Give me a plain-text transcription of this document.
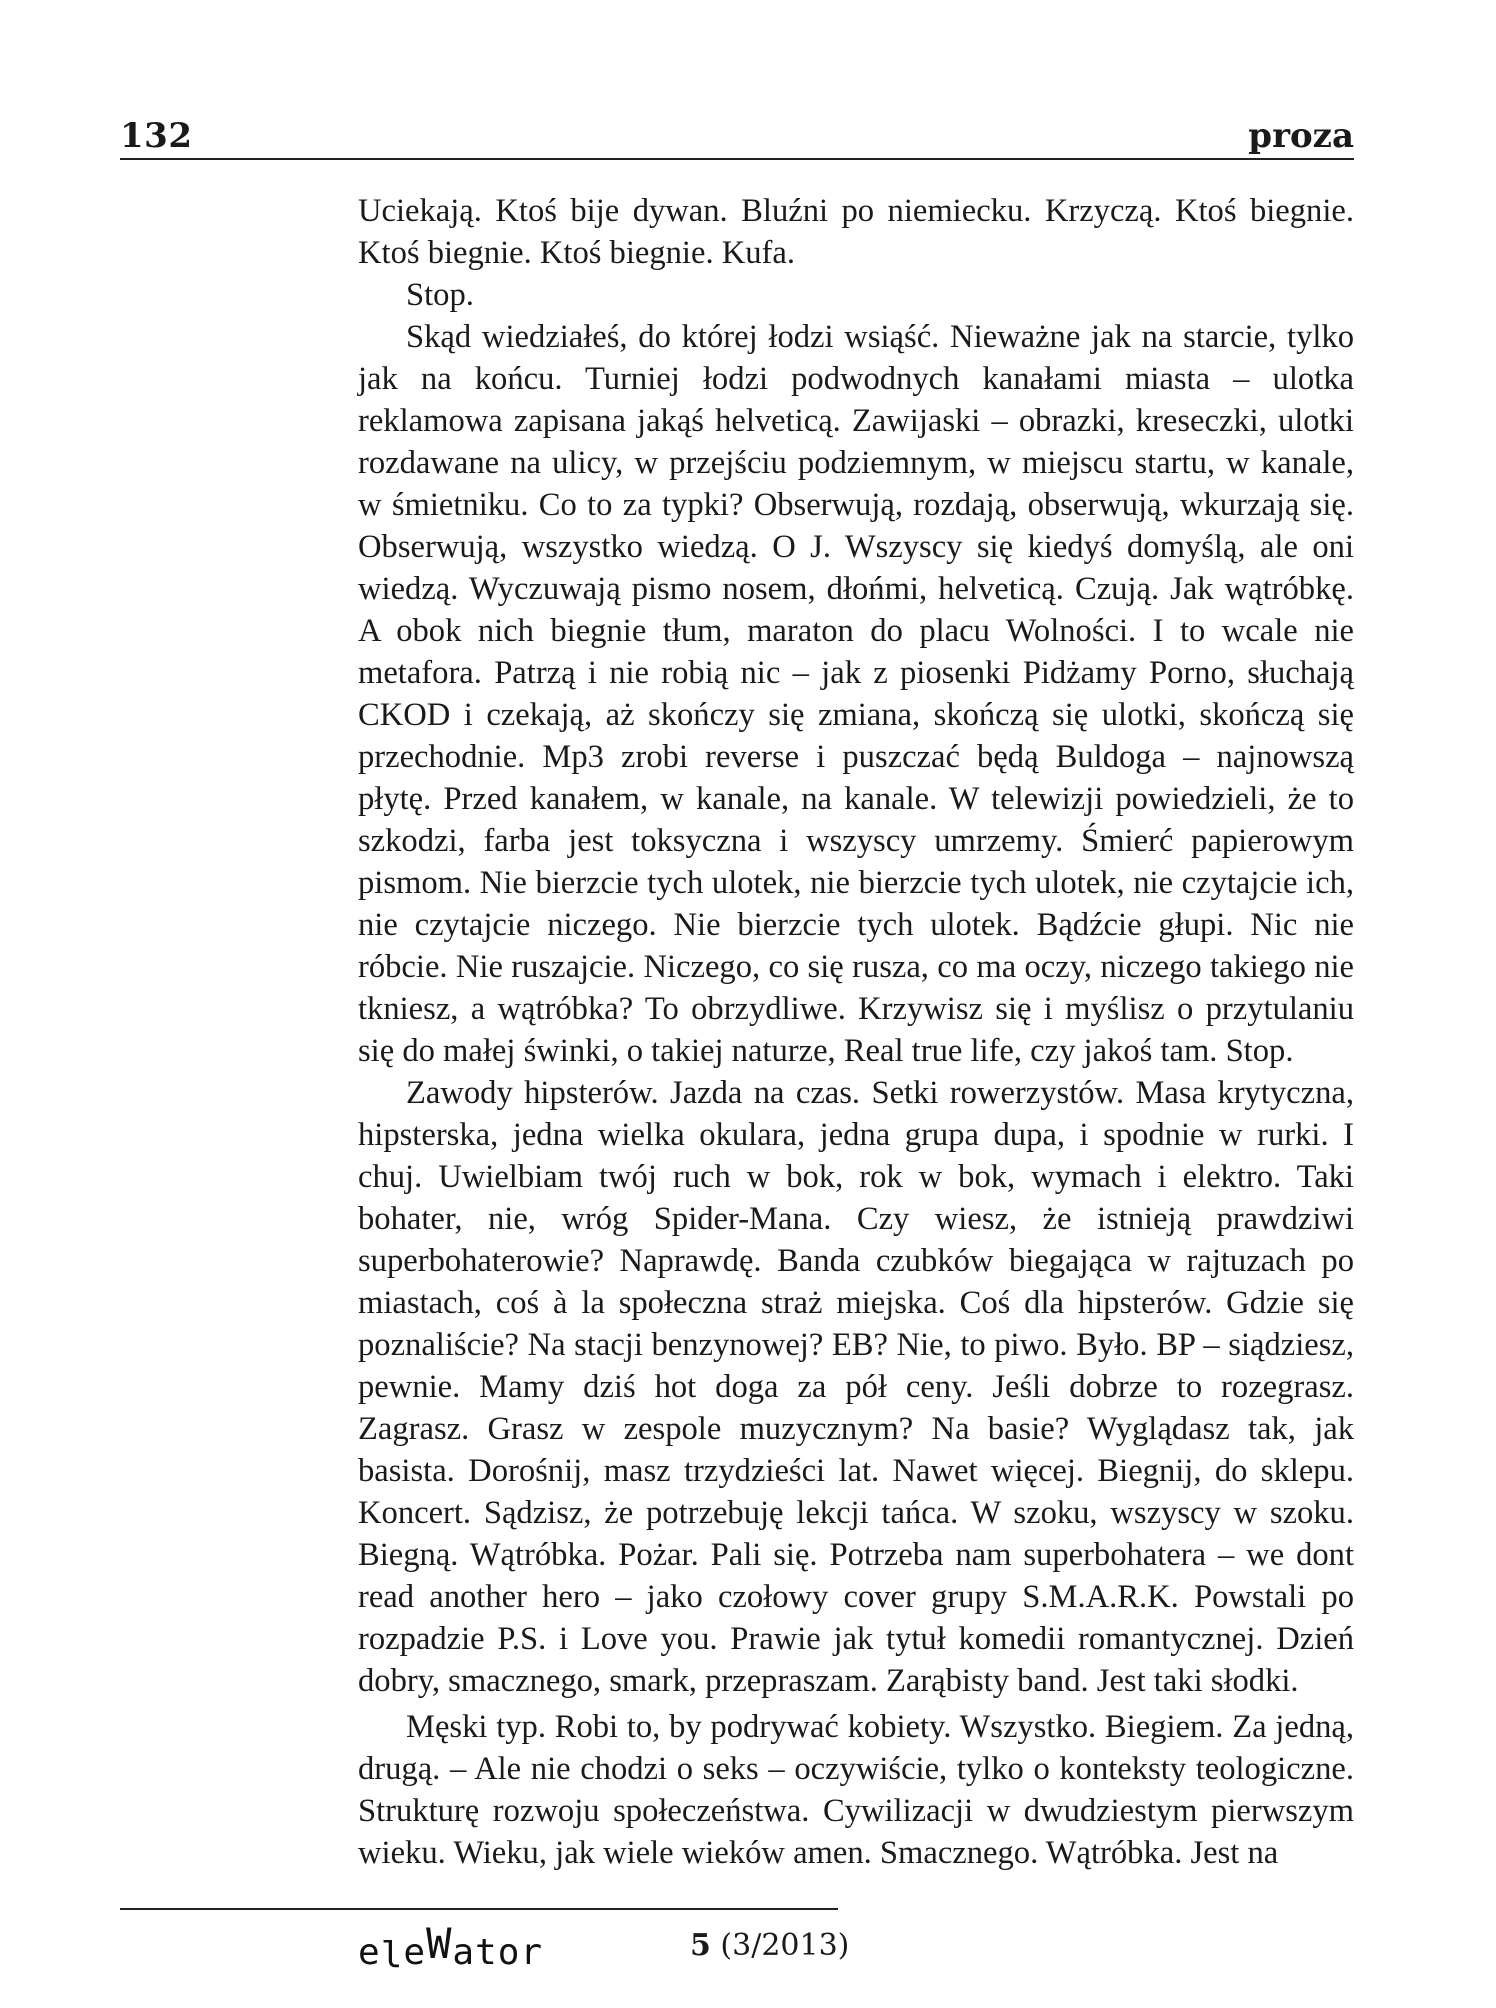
132	proza

Uciekają. Ktoś bije dywan. Bluźni po niemiecku. Krzyczą. Ktoś biegnie. Ktoś biegnie. Ktoś biegnie. Kufa.

Stop.

Skąd wiedziałeś, do której łodzi wsiąść. Nieważne jak na starcie, tylko jak na końcu. Turniej łodzi podwodnych kanałami miasta – ulotka reklamowa zapisana jakąś helveticą. Zawijaski – obrazki, kreseczki, ulotki rozdawane na ulicy, w przejściu podziemnym, w miejscu startu, w kanale, w śmietniku. Co to za typki? Obserwują, rozdają, obserwują, wkurzają się. Obserwują, wszystko wiedzą. O J. Wszyscy się kiedyś domyślą, ale oni wiedzą. Wyczuwają pismo nosem, dłońmi, helveticą. Czują. Jak wątróbkę. A obok nich biegnie tłum, maraton do placu Wolności. I to wcale nie metafora. Patrzą i nie robią nic – jak z piosenki Pidżamy Porno, słuchają CKOD i czekają, aż skończy się zmiana, skończą się ulotki, skończą się przechodnie. Mp3 zrobi reverse i puszczać będą Buldoga – najnowszą płytę. Przed kanałem, w kanale, na kanale. W telewizji powiedzieli, że to szkodzi, farba jest toksyczna i wszyscy umrzemy. Śmierć papierowym pismom. Nie bierzcie tych ulotek, nie bierzcie tych ulotek, nie czytajcie ich, nie czytajcie niczego. Nie bierzcie tych ulotek. Bądźcie głupi. Nic nie róbcie. Nie ruszajcie. Niczego, co się rusza, co ma oczy, niczego takiego nie tkniesz, a wątróbka? To obrzydliwe. Krzywisz się i myślisz o przytulaniu się do małej świnki, o takiej naturze, Real true life, czy jakoś tam. Stop.

Zawody hipsterów. Jazda na czas. Setki rowerzystów. Masa krytyczna, hipsterska, jedna wielka okulara, jedna grupa dupa, i spodnie w rurki. I chuj. Uwielbiam twój ruch w bok, rok w bok, wymach i elektro. Taki bohater, nie, wróg Spider-Mana. Czy wiesz, że istnieją prawdziwi superbohaterowie? Naprawdę. Banda czubków biegająca w rajtuzach po miastach, coś à la społeczna straż miejska. Coś dla hipsterów. Gdzie się poznaliście? Na stacji benzynowej? EB? Nie, to piwo. Było. BP – siądziesz, pewnie. Mamy dziś hot doga za pół ceny. Jeśli dobrze to rozegrasz. Zagrasz. Grasz w zespole muzycznym? Na basie? Wyglądasz tak, jak basista. Dorośnij, masz trzydzieści lat. Nawet więcej. Biegnij, do sklepu. Koncert. Sądzisz, że potrzebuję lekcji tańca. W szoku, wszyscy w szoku. Biegną. Wątróbka. Pożar. Pali się. Potrzeba nam superbohatera – we dont read another hero – jako czołowy cover grupy S.M.A.R.K. Powstali po rozpadzie P.S. i Love you. Prawie jak tytuł komedii romantycznej. Dzień dobry, smacznego, smark, przepraszam. Zarąbisty band. Jest taki słodki.

Męski typ. Robi to, by podrywać kobiety. Wszystko. Biegiem. Za jedną, drugą. – Ale nie chodzi o seks – oczywiście, tylko o konteksty teologiczne. Strukturę rozwoju społeczeństwa. Cywilizacji w dwudziestym pierwszym wieku. Wieku, jak wiele wieków amen. Smacznego. Wątróbka. Jest na

eleWator	5 (3/2013)
